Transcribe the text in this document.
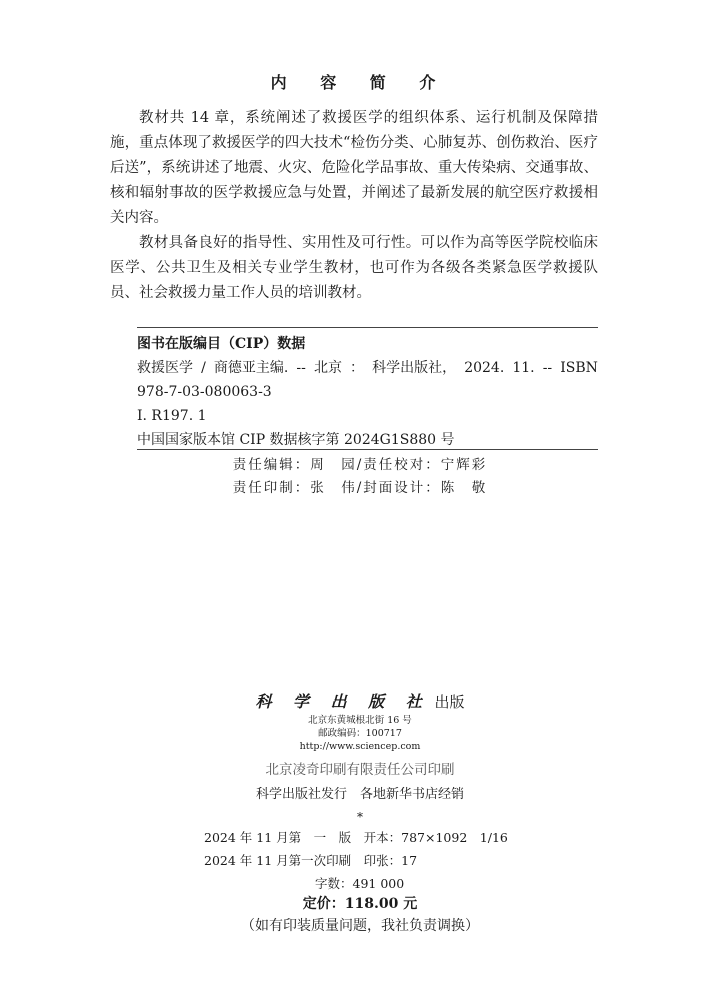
内 容 简 介

教材共 14 章，系统阐述了救援医学的组织体系、运行机制及保障措施，重点体现了救援医学的四大技术“检伤分类、心肺复苏、创伤救治、医疗后送”，系统讲述了地震、火灾、危险化学品事故、重大传染病、交通事故、核和辐射事故的医学救援应急与处置，并阐述了最新发展的航空医疗救援相关内容。

教材具备良好的指导性、实用性及可行性。可以作为高等医学院校临床医学、公共卫生及相关专业学生教材，也可作为各级各类紧急医学救援队员、社会救援力量工作人员的培训教材。

图书在版编目（CIP）数据
救援医学 / 商德亚主编. -- 北京 ： 科学出版社， 2024. 11. -- ISBN
978-7-03-080063-3
Ⅰ. R197. 1
中国国家版本馆 CIP 数据核字第 2024G1S880 号
责任编辑：周　园/责任校对：宁辉彩
责任印制：张　伟/封面设计：陈　敬
科 学 出 版 社 出版
北京东黄城根北街 16 号
邮政编码：100717
http://www.sciencep.com
北京凌奇印刷有限责任公司印刷
科学出版社发行　各地新华书店经销
*
2024 年 11 月第　一　版　开本：787×1092　1/16
2024 年 11 月第一次印刷　印张：17
字数：491 000
定价：118.00 元
（如有印装质量问题，我社负责调换）
